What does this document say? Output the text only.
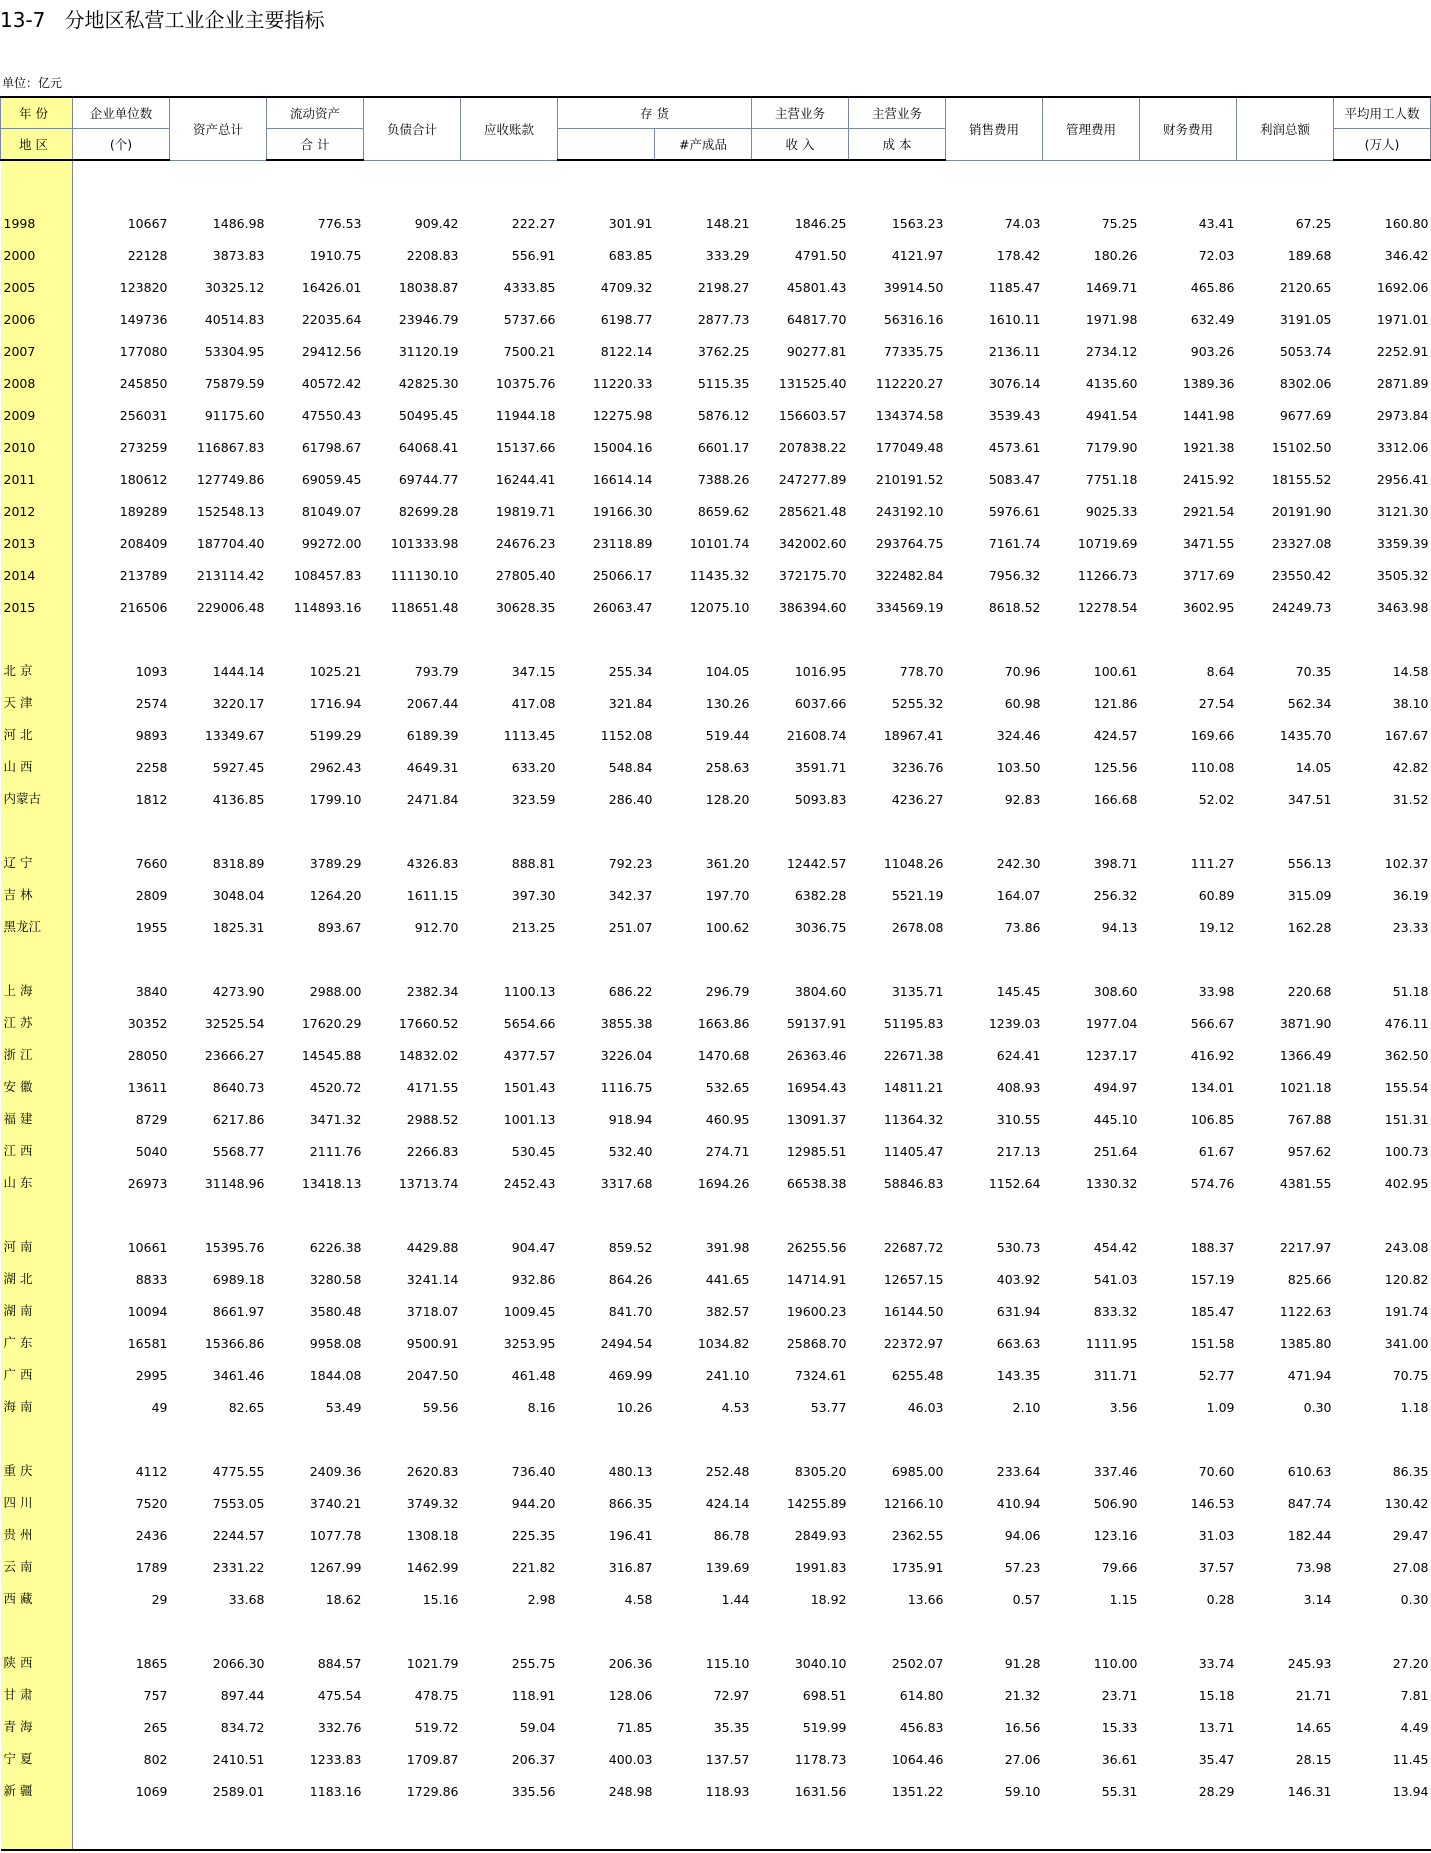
13-7   分地区私营工业企业主要指标
单位：亿元
年 份	企业单位数	资产总计	流动资产	负债合计	应收账款	存 货		主营业务	主营业务	销售费用	管理费用	财务费用	利润总额	平均用工人数
地 区	(个)		合 计				#产成品	收 入	成 本					(万人)

1998	10667	1486.98	776.53	909.42	222.27	301.91	148.21	1846.25	1563.23	74.03	75.25	43.41	67.25	160.80
2000	22128	3873.83	1910.75	2208.83	556.91	683.85	333.29	4791.50	4121.97	178.42	180.26	72.03	189.68	346.42
2005	123820	30325.12	16426.01	18038.87	4333.85	4709.32	2198.27	45801.43	39914.50	1185.47	1469.71	465.86	2120.65	1692.06
2006	149736	40514.83	22035.64	23946.79	5737.66	6198.77	2877.73	64817.70	56316.16	1610.11	1971.98	632.49	3191.05	1971.01
2007	177080	53304.95	29412.56	31120.19	7500.21	8122.14	3762.25	90277.81	77335.75	2136.11	2734.12	903.26	5053.74	2252.91
2008	245850	75879.59	40572.42	42825.30	10375.76	11220.33	5115.35	131525.40	112220.27	3076.14	4135.60	1389.36	8302.06	2871.89
2009	256031	91175.60	47550.43	50495.45	11944.18	12275.98	5876.12	156603.57	134374.58	3539.43	4941.54	1441.98	9677.69	2973.84
2010	273259	116867.83	61798.67	64068.41	15137.66	15004.16	6601.17	207838.22	177049.48	4573.61	7179.90	1921.38	15102.50	3312.06
2011	180612	127749.86	69059.45	69744.77	16244.41	16614.14	7388.26	247277.89	210191.52	5083.47	7751.18	2415.92	18155.52	2956.41
2012	189289	152548.13	81049.07	82699.28	19819.71	19166.30	8659.62	285621.48	243192.10	5976.61	9025.33	2921.54	20191.90	3121.30
2013	208409	187704.40	99272.00	101333.98	24676.23	23118.89	10101.74	342002.60	293764.75	7161.74	10719.69	3471.55	23327.08	3359.39
2014	213789	213114.42	108457.83	111130.10	27805.40	25066.17	11435.32	372175.70	322482.84	7956.32	11266.73	3717.69	23550.42	3505.32
2015	216506	229006.48	114893.16	118651.48	30628.35	26063.47	12075.10	386394.60	334569.19	8618.52	12278.54	3602.95	24249.73	3463.98

北 京	1093	1444.14	1025.21	793.79	347.15	255.34	104.05	1016.95	778.70	70.96	100.61	8.64	70.35	14.58
天 津	2574	3220.17	1716.94	2067.44	417.08	321.84	130.26	6037.66	5255.32	60.98	121.86	27.54	562.34	38.10
河 北	9893	13349.67	5199.29	6189.39	1113.45	1152.08	519.44	21608.74	18967.41	324.46	424.57	169.66	1435.70	167.67
山 西	2258	5927.45	2962.43	4649.31	633.20	548.84	258.63	3591.71	3236.76	103.50	125.56	110.08	14.05	42.82
内蒙古	1812	4136.85	1799.10	2471.84	323.59	286.40	128.20	5093.83	4236.27	92.83	166.68	52.02	347.51	31.52

辽 宁	7660	8318.89	3789.29	4326.83	888.81	792.23	361.20	12442.57	11048.26	242.30	398.71	111.27	556.13	102.37
吉 林	2809	3048.04	1264.20	1611.15	397.30	342.37	197.70	6382.28	5521.19	164.07	256.32	60.89	315.09	36.19
黑龙江	1955	1825.31	893.67	912.70	213.25	251.07	100.62	3036.75	2678.08	73.86	94.13	19.12	162.28	23.33

上 海	3840	4273.90	2988.00	2382.34	1100.13	686.22	296.79	3804.60	3135.71	145.45	308.60	33.98	220.68	51.18
江 苏	30352	32525.54	17620.29	17660.52	5654.66	3855.38	1663.86	59137.91	51195.83	1239.03	1977.04	566.67	3871.90	476.11
浙 江	28050	23666.27	14545.88	14832.02	4377.57	3226.04	1470.68	26363.46	22671.38	624.41	1237.17	416.92	1366.49	362.50
安 徽	13611	8640.73	4520.72	4171.55	1501.43	1116.75	532.65	16954.43	14811.21	408.93	494.97	134.01	1021.18	155.54
福 建	8729	6217.86	3471.32	2988.52	1001.13	918.94	460.95	13091.37	11364.32	310.55	445.10	106.85	767.88	151.31
江 西	5040	5568.77	2111.76	2266.83	530.45	532.40	274.71	12985.51	11405.47	217.13	251.64	61.67	957.62	100.73
山 东	26973	31148.96	13418.13	13713.74	2452.43	3317.68	1694.26	66538.38	58846.83	1152.64	1330.32	574.76	4381.55	402.95

河 南	10661	15395.76	6226.38	4429.88	904.47	859.52	391.98	26255.56	22687.72	530.73	454.42	188.37	2217.97	243.08
湖 北	8833	6989.18	3280.58	3241.14	932.86	864.26	441.65	14714.91	12657.15	403.92	541.03	157.19	825.66	120.82
湖 南	10094	8661.97	3580.48	3718.07	1009.45	841.70	382.57	19600.23	16144.50	631.94	833.32	185.47	1122.63	191.74
广 东	16581	15366.86	9958.08	9500.91	3253.95	2494.54	1034.82	25868.70	22372.97	663.63	1111.95	151.58	1385.80	341.00
广 西	2995	3461.46	1844.08	2047.50	461.48	469.99	241.10	7324.61	6255.48	143.35	311.71	52.77	471.94	70.75
海 南	49	82.65	53.49	59.56	8.16	10.26	4.53	53.77	46.03	2.10	3.56	1.09	0.30	1.18

重 庆	4112	4775.55	2409.36	2620.83	736.40	480.13	252.48	8305.20	6985.00	233.64	337.46	70.60	610.63	86.35
四 川	7520	7553.05	3740.21	3749.32	944.20	866.35	424.14	14255.89	12166.10	410.94	506.90	146.53	847.74	130.42
贵 州	2436	2244.57	1077.78	1308.18	225.35	196.41	86.78	2849.93	2362.55	94.06	123.16	31.03	182.44	29.47
云 南	1789	2331.22	1267.99	1462.99	221.82	316.87	139.69	1991.83	1735.91	57.23	79.66	37.57	73.98	27.08
西 藏	29	33.68	18.62	15.16	2.98	4.58	1.44	18.92	13.66	0.57	1.15	0.28	3.14	0.30

陕 西	1865	2066.30	884.57	1021.79	255.75	206.36	115.10	3040.10	2502.07	91.28	110.00	33.74	245.93	27.20
甘 肃	757	897.44	475.54	478.75	118.91	128.06	72.97	698.51	614.80	21.32	23.71	15.18	21.71	7.81
青 海	265	834.72	332.76	519.72	59.04	71.85	35.35	519.99	456.83	16.56	15.33	13.71	14.65	4.49
宁 夏	802	2410.51	1233.83	1709.87	206.37	400.03	137.57	1178.73	1064.46	27.06	36.61	35.47	28.15	11.45
新 疆	1069	2589.01	1183.16	1729.86	335.56	248.98	118.93	1631.56	1351.22	59.10	55.31	28.29	146.31	13.94
